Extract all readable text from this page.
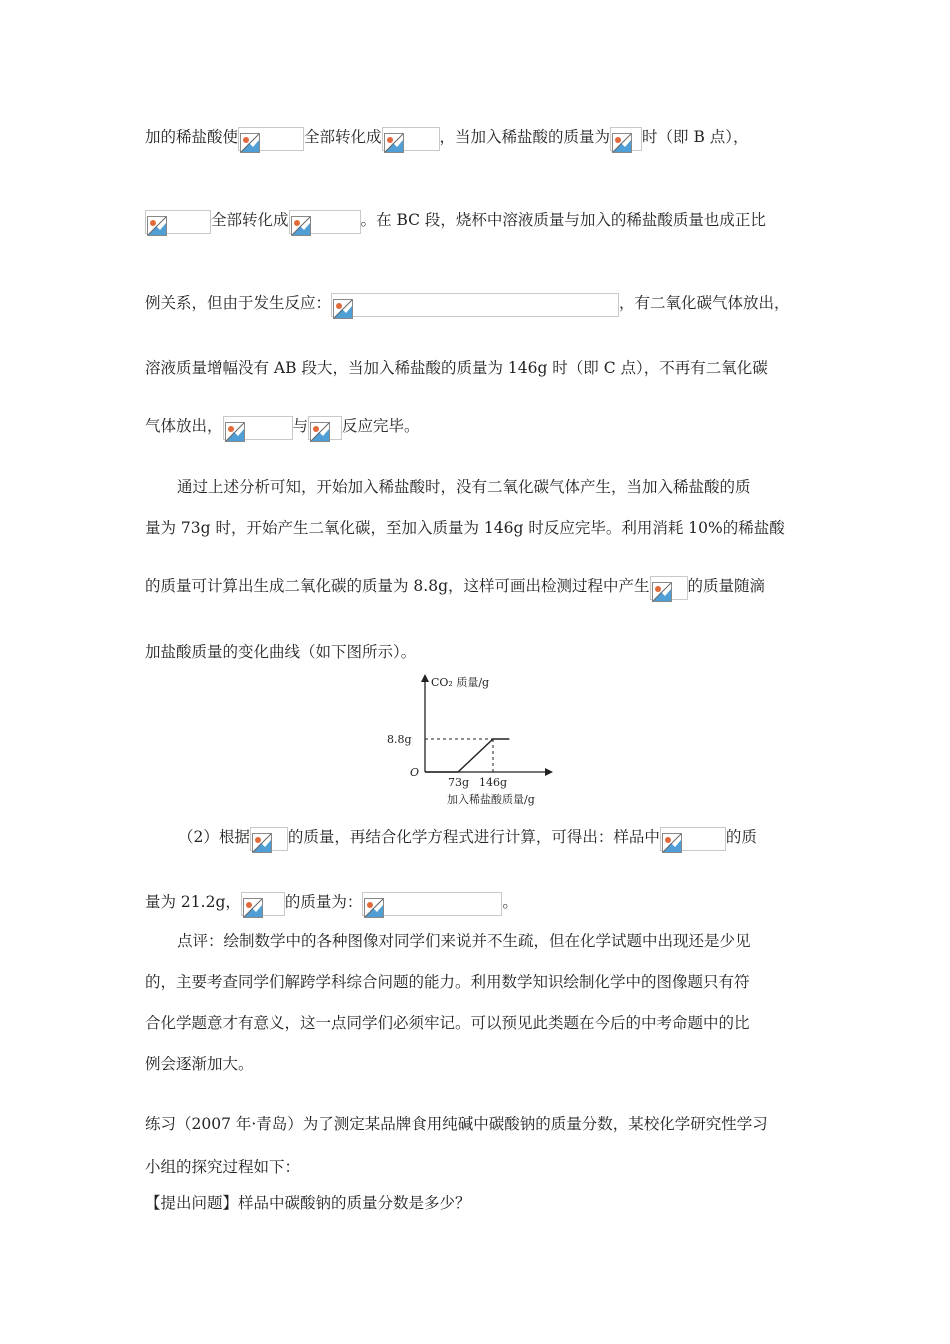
加的稀盐酸使	全部转化成	，当加入稀盐酸的质量为 时（即 B 点），
全部转化成	。在 BC 段，烧杯中溶液质量与加入的稀盐酸质量也成正比
例关系，但由于发生反应：	，有二氧化碳气体放出，
溶液质量增幅没有 AB 段大，当加入稀盐酸的质量为 146g 时（即 C 点），不再有二氧化碳
气体放出，	与 反应完毕。
通过上述分析可知，开始加入稀盐酸时，没有二氧化碳气体产生，当加入稀盐酸的质
量为 73g 时，开始产生二氧化碳，至加入质量为 146g 时反应完毕。利用消耗 10%的稀盐酸
的质量可计算出生成二氧化碳的质量为 8.8g，这样可画出检测过程中产生 的质量随滴
加盐酸质量的变化曲线（如下图所示）。
CO₂ 质量/g
8.8g
O
73g 146g
加入稀盐酸质量/g
（2）根据 的质量，再结合化学方程式进行计算，可得出：样品中	的质
量为 21.2g，	的质量为：	。
点评：绘制数学中的各种图像对同学们来说并不生疏，但在化学试题中出现还是少见
的，主要考查同学们解跨学科综合问题的能力。利用数学知识绘制化学中的图像题只有符
合化学题意才有意义，这一点同学们必须牢记。可以预见此类题在今后的中考命题中的比
例会逐渐加大。
练习（2007 年·青岛）为了测定某品牌食用纯碱中碳酸钠的质量分数，某校化学研究性学习
小组的探究过程如下：
【提出问题】样品中碳酸钠的质量分数是多少？
